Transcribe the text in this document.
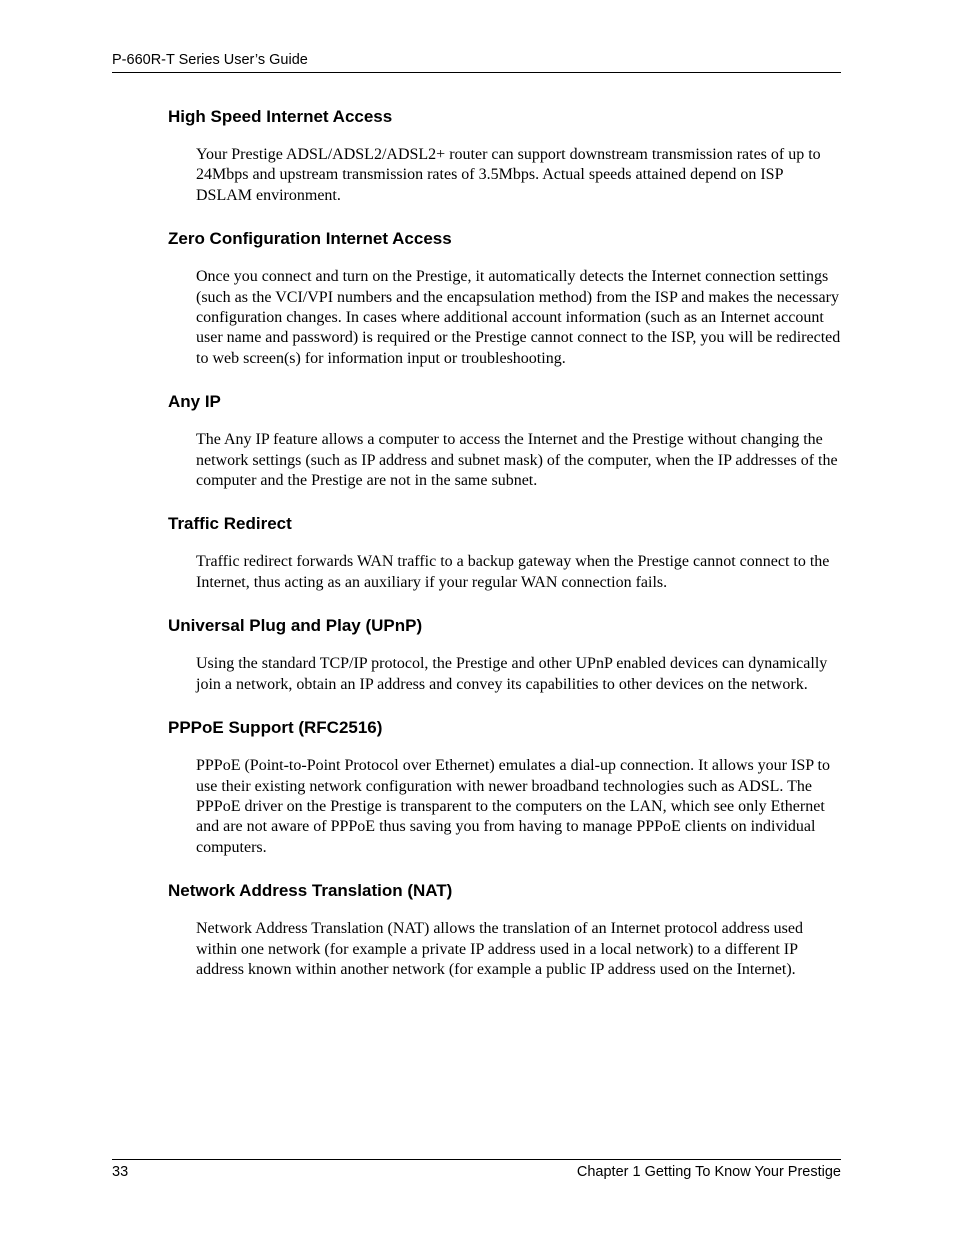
P-660R-T Series User’s Guide
High Speed Internet Access
Your Prestige ADSL/ADSL2/ADSL2+ router can support downstream transmission rates of up to 24Mbps and upstream transmission rates of 3.5Mbps. Actual speeds attained depend on ISP DSLAM environment.
Zero Configuration Internet Access
Once you connect and turn on the Prestige, it automatically detects the Internet connection settings (such as the VCI/VPI numbers and the encapsulation method) from the ISP and makes the necessary configuration changes. In cases where additional account information (such as an Internet account user name and password) is required or the Prestige cannot connect to the ISP, you will be redirected to web screen(s) for information input or troubleshooting.
Any IP
The Any IP feature allows a computer to access the Internet and the Prestige without changing the network settings (such as IP address and subnet mask) of the computer, when the IP addresses of the computer and the Prestige are not in the same subnet.
Traffic Redirect
Traffic redirect forwards WAN traffic to a backup gateway when the Prestige cannot connect to the Internet, thus acting as an auxiliary if your regular WAN connection fails.
Universal Plug and Play (UPnP)
Using the standard TCP/IP protocol, the Prestige and other UPnP enabled devices can dynamically join a network, obtain an IP address and convey its capabilities to other devices on the network.
PPPoE Support (RFC2516)
PPPoE (Point-to-Point Protocol over Ethernet) emulates a dial-up connection. It allows your ISP to use their existing network configuration with newer broadband technologies such as ADSL. The PPPoE driver on the Prestige is transparent to the computers on the LAN, which see only Ethernet and are not aware of PPPoE thus saving you from having to manage PPPoE clients on individual computers.
Network Address Translation (NAT)
Network Address Translation (NAT) allows the translation of an Internet protocol address used within one network (for example a private IP address used in a local network) to a different IP address known within another network (for example a public IP address used on the Internet).
33	Chapter 1 Getting To Know Your Prestige
